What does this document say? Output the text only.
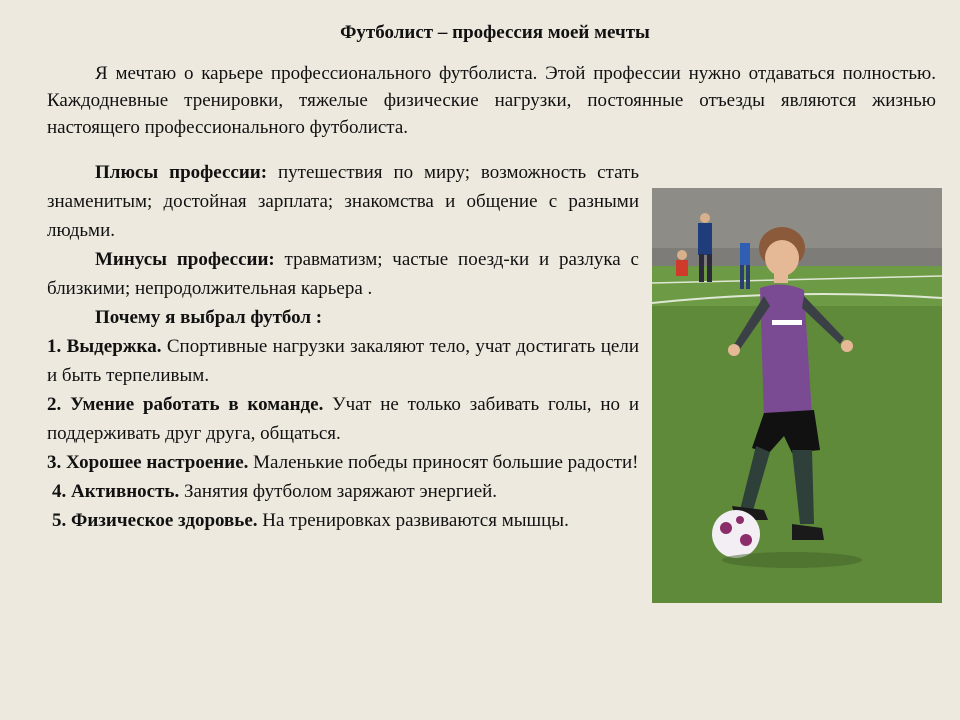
Футболист – профессия моей мечты

Я мечтаю о карьере профессионального футболиста. Этой профессии нужно отдаваться полностью. Каждодневные тренировки, тяжелые физические нагрузки, постоянные отъезды являются жизнью настоящего профессионального футболиста.

Плюсы профессии: путешествия по миру; возможность стать знаменитым; достойная зарплата; знакомства и общение с разными людьми.

Минусы профессии: травматизм; частые поезд-ки и разлука с близкими; непродолжительная карьера .

Почему я выбрал футбол :

1. Выдержка. Спортивные нагрузки закаляют тело, учат достигать цели и быть терпеливым.

2. Умение работать в команде. Учат не только забивать голы, но и поддерживать друг друга, общаться.

3. Хорошее настроение. Маленькие победы приносят большие радости!

4. Активность. Занятия футболом заряжают энергией.

5. Физическое здоровье. На тренировках развиваются мышцы.
